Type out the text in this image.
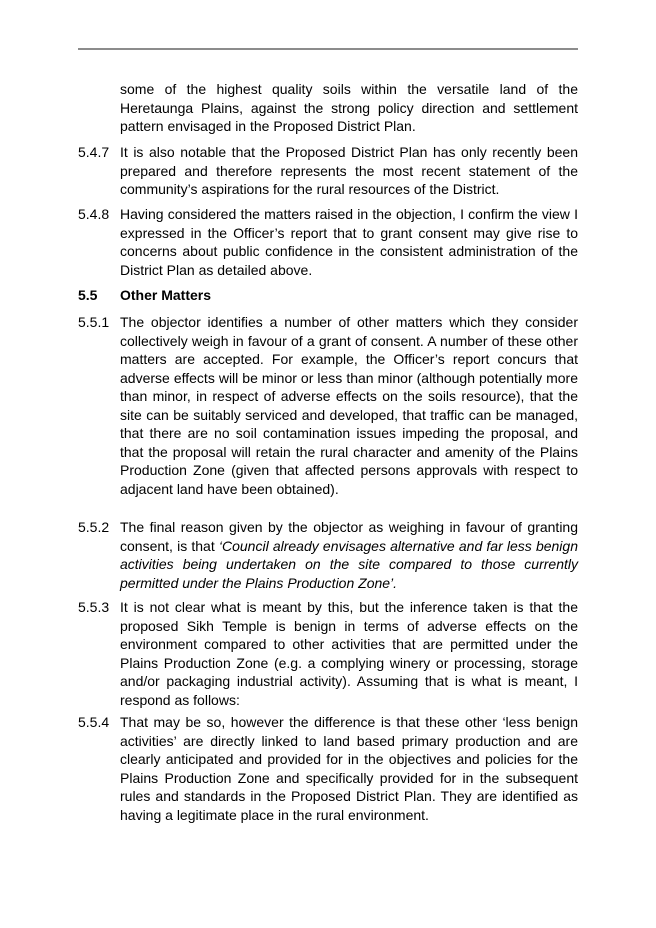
some of the highest quality soils within the versatile land of the Heretaunga Plains, against the strong policy direction and settlement pattern envisaged in the Proposed District Plan.
5.4.7 It is also notable that the Proposed District Plan has only recently been prepared and therefore represents the most recent statement of the community’s aspirations for the rural resources of the District.
5.4.8 Having considered the matters raised in the objection, I confirm the view I expressed in the Officer’s report that to grant consent may give rise to concerns about public confidence in the consistent administration of the District Plan as detailed above.
5.5 Other Matters
5.5.1 The objector identifies a number of other matters which they consider collectively weigh in favour of a grant of consent. A number of these other matters are accepted. For example, the Officer’s report concurs that adverse effects will be minor or less than minor (although potentially more than minor, in respect of adverse effects on the soils resource), that the site can be suitably serviced and developed, that traffic can be managed, that there are no soil contamination issues impeding the proposal, and that the proposal will retain the rural character and amenity of the Plains Production Zone (given that affected persons approvals with respect to adjacent land have been obtained).
5.5.2 The final reason given by the objector as weighing in favour of granting consent, is that ‘Council already envisages alternative and far less benign activities being undertaken on the site compared to those currently permitted under the Plains Production Zone’.
5.5.3 It is not clear what is meant by this, but the inference taken is that the proposed Sikh Temple is benign in terms of adverse effects on the environment compared to other activities that are permitted under the Plains Production Zone (e.g. a complying winery or processing, storage and/or packaging industrial activity). Assuming that is what is meant, I respond as follows:
5.5.4 That may be so, however the difference is that these other ‘less benign activities’ are directly linked to land based primary production and are clearly anticipated and provided for in the objectives and policies for the Plains Production Zone and specifically provided for in the subsequent rules and standards in the Proposed District Plan. They are identified as having a legitimate place in the rural environment.
